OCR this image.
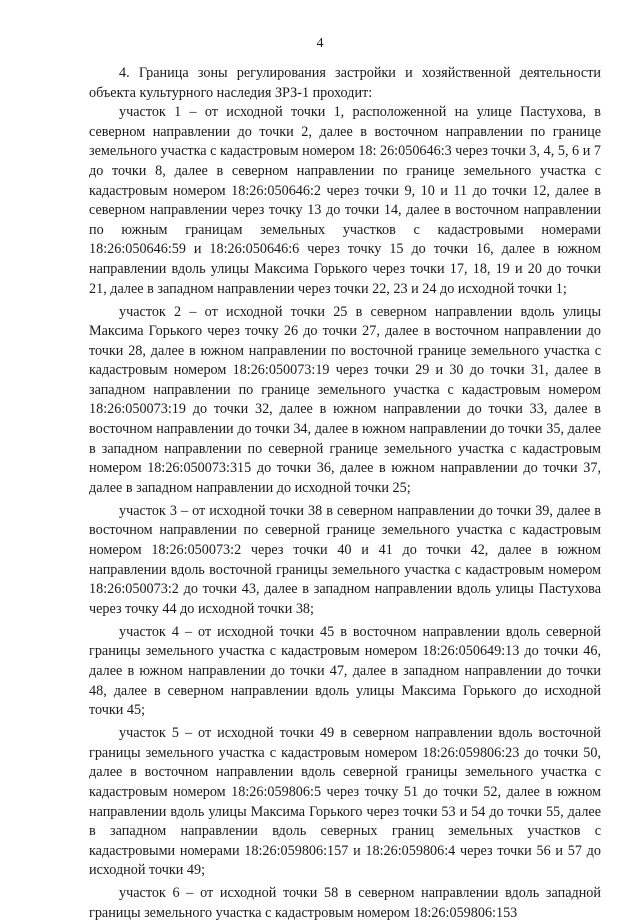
4

4. Граница зоны регулирования застройки и хозяйственной деятельности объекта культурного наследия ЗРЗ-1 проходит:

участок 1 – от исходной точки 1, расположенной на улице Пастухова, в северном направлении до точки 2, далее в восточном направлении по границе земельного участка с кадастровым номером 18: 26:050646:3 через точки 3, 4, 5, 6 и 7 до точки 8, далее в северном направлении по границе земельного участка с кадастровым номером 18:26:050646:2 через точки 9, 10 и 11 до точки 12, далее в северном направлении через точку 13 до точки 14, далее в восточном направлении по южным границам земельных участков с кадастровыми номерами 18:26:050646:59 и 18:26:050646:6 через точку 15 до точки 16, далее в южном направлении вдоль улицы Максима Горького через точки 17, 18, 19 и 20 до точки 21, далее в западном направлении через точки 22, 23 и 24 до исходной точки 1;

участок 2 – от исходной точки 25 в северном направлении вдоль улицы Максима Горького через точку 26 до точки 27, далее в восточном направлении до точки 28, далее в южном направлении по восточной границе земельного участка с кадастровым номером 18:26:050073:19 через точки 29 и 30 до точки 31, далее в западном направлении по границе земельного участка с кадастровым номером 18:26:050073:19 до точки 32, далее в южном направлении до точки 33, далее в восточном направлении до точки 34, далее в южном направлении до точки 35, далее в западном направлении по северной границе земельного участка с кадастровым номером 18:26:050073:315 до точки 36, далее в южном направлении до точки 37, далее в западном направлении до исходной точки 25;

участок 3 – от исходной точки 38 в северном направлении до точки 39, далее в восточном направлении по северной границе земельного участка с кадастровым номером 18:26:050073:2 через точки 40 и 41 до точки 42, далее в южном направлении вдоль восточной границы земельного участка с кадастровым номером 18:26:050073:2 до точки 43, далее в западном направлении вдоль улицы Пастухова через точку 44 до исходной точки 38;

участок 4 – от исходной точки 45 в восточном направлении вдоль северной границы земельного участка с кадастровым номером 18:26:050649:13 до точки 46, далее в южном направлении до точки 47, далее в западном направлении до точки 48, далее в северном направлении вдоль улицы Максима Горького до исходной точки 45;

участок 5 – от исходной точки 49 в северном направлении вдоль восточной границы земельного участка с кадастровым номером 18:26:059806:23 до точки 50, далее в восточном направлении вдоль северной границы земельного участка с кадастровым номером 18:26:059806:5 через точку 51 до точки 52, далее в южном направлении вдоль улицы Максима Горького через точки 53 и 54 до точки 55, далее в западном направлении вдоль северных границ земельных участков с кадастровыми номерами 18:26:059806:157 и 18:26:059806:4 через точки 56 и 57 до исходной точки 49;

участок 6 – от исходной точки 58 в северном направлении вдоль западной границы земельного участка с кадастровым номером 18:26:059806:153
